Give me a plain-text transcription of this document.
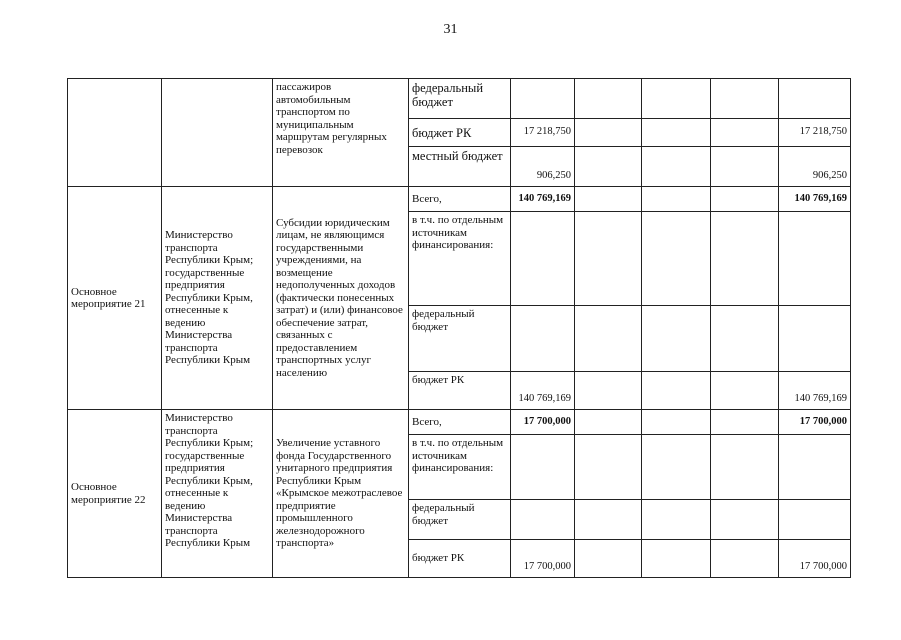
31
		пассажиров автомобильным транспортом по муниципальным маршрутам регулярных перевозок	федеральный бюджет					
			бюджет РК	17 218,750				17 218,750
			местный бюджет	906,250				906,250
Основное мероприятие 21	Министерство транспорта Республики Крым; государственные предприятия Республики Крым, отнесенные к ведению Министерства транспорта Республики Крым	Субсидии юридическим лицам, не являющимся государственными учреждениями, на возмещение недополученных доходов (фактически понесенных затрат) и (или) финансовое обеспечение затрат, связанных с предоставлением транспортных услуг населению	Всего,	140 769,169				140 769,169
			в т.ч. по отдельным источникам финансирования:					
			федеральный бюджет					
			бюджет РК	140 769,169				140 769,169
Основное мероприятие 22	Министерство транспорта Республики Крым; государственные предприятия Республики Крым, отнесенные к ведению Министерства транспорта Республики Крым	Увеличение уставного фонда Государственного унитарного предприятия Республики Крым «Крымское межотраслевое предприятие промышленного железнодорожного транспорта»	Всего,	17 700,000				17 700,000
			в т.ч. по отдельным источникам финансирования:					
			федеральный бюджет					
			бюджет РК	17 700,000				17 700,000
